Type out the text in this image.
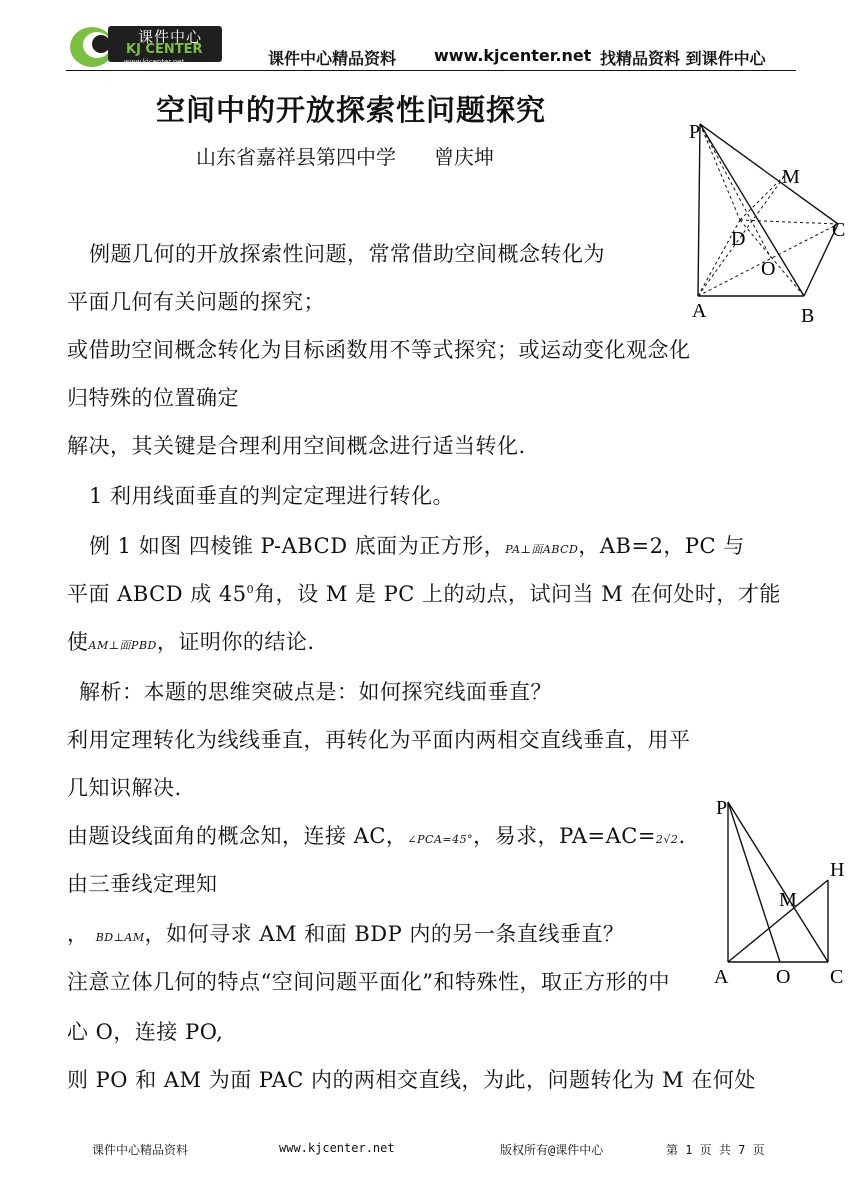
课件中心
KJ CENTER
www.kjcenter.net	课件中心精品资料 www.kjcenter.net 找精品资料 到课件中心
空间中的开放探索性问题探究
山东省嘉祥县第四中学 曾庆坤
P
M
C
D
O
A	B
例题几何的开放探索性问题，常常借助空间概念转化为
平面几何有关问题的探究；
或借助空间概念转化为目标函数用不等式探究；或运动变化观念化
归特殊的位置确定
解决，其关键是合理利用空间概念进行适当转化.
1 利用线面垂直的判定定理进行转化。
例 1 如图 四棱锥 P-ABCD 底面为正方形，PA⊥面ABCD，AB=2，PC 与
平面 ABCD 成 $45^0$角，设 M 是 PC 上的动点，试问当 M 在何处时，才能
使AM⊥面PBD，证明你的结论.
解析：本题的思维突破点是：如何探究线面垂直？
利用定理转化为线线垂直，再转化为平面内两相交直线垂直，用平
几知识解决.
由题设线面角的概念知，连接 AC，∠PCA=45°，易求，PA=AC=2√2.
由三垂线定理知
， BD⊥AM，如何寻求 AM 和面 BDP 内的另一条直线垂直？
注意立体几何的特点“空间问题平面化”和特殊性，取正方形的中
心 O，连接 PO,
则 PO 和 AM 为面 PAC 内的两相交直线，为此，问题转化为 M 在何处
P
H
M
A O C
课件中心精品资料	www.kjcenter.net	版权所有@课件中心	第 1 页 共 7 页
